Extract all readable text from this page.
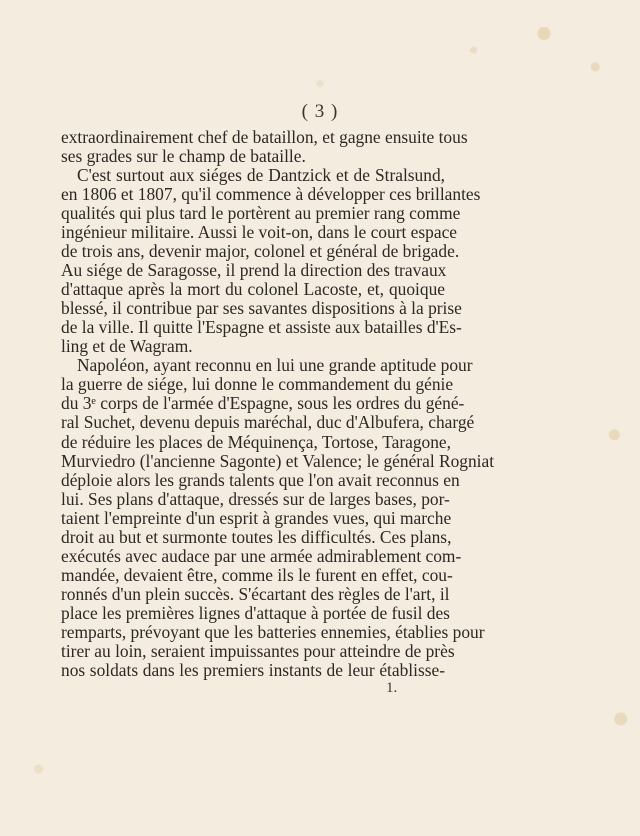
( 3 )
extraordinairement chef de bataillon, et gagne ensuite tous
ses grades sur le champ de bataille.
C'est surtout aux siéges de Dantzick et de Stralsund,
en 1806 et 1807, qu'il commence à développer ces brillantes
qualités qui plus tard le portèrent au premier rang comme
ingénieur militaire. Aussi le voit-on, dans le court espace
de trois ans, devenir major, colonel et général de brigade.
Au siége de Saragosse, il prend la direction des travaux
d'attaque après la mort du colonel Lacoste, et, quoique
blessé, il contribue par ses savantes dispositions à la prise
de la ville. Il quitte l'Espagne et assiste aux batailles d'Es-
ling et de Wagram.
Napoléon, ayant reconnu en lui une grande aptitude pour
la guerre de siége, lui donne le commandement du génie
du 3ᵉ corps de l'armée d'Espagne, sous les ordres du géné-
ral Suchet, devenu depuis maréchal, duc d'Albufera, chargé
de réduire les places de Méquinença, Tortose, Taragone,
Murviedro (l'ancienne Sagonte) et Valence; le général Rogniat
déploie alors les grands talents que l'on avait reconnus en
lui. Ses plans d'attaque, dressés sur de larges bases, por-
taient l'empreinte d'un esprit à grandes vues, qui marche
droit au but et surmonte toutes les difficultés. Ces plans,
exécutés avec audace par une armée admirablement com-
mandée, devaient être, comme ils le furent en effet, cou-
ronnés d'un plein succès. S'écartant des règles de l'art, il
place les premières lignes d'attaque à portée de fusil des
remparts, prévoyant que les batteries ennemies, établies pour
tirer au loin, seraient impuissantes pour atteindre de près
nos soldats dans les premiers instants de leur établisse-
1.
